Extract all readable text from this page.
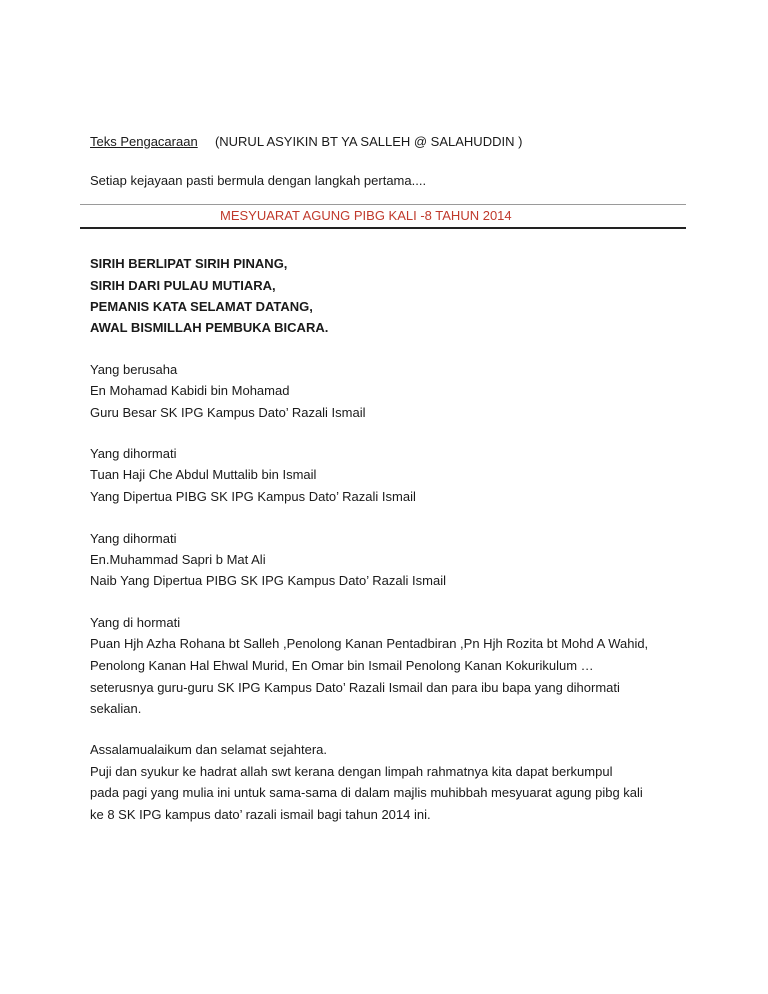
Teks Pengacaraan (NURUL ASYIKIN BT YA SALLEH @ SALAHUDDIN )
Setiap kejayaan pasti bermula dengan langkah pertama....
MESYUARAT AGUNG PIBG KALI -8 TAHUN 2014
SIRIH BERLIPAT SIRIH PINANG,
SIRIH DARI PULAU MUTIARA,
PEMANIS KATA SELAMAT DATANG,
AWAL BISMILLAH PEMBUKA BICARA.
Yang berusaha
En Mohamad Kabidi bin Mohamad
Guru Besar SK IPG Kampus Dato’ Razali Ismail
Yang dihormati
Tuan Haji Che Abdul Muttalib bin Ismail
Yang Dipertua PIBG SK IPG Kampus Dato’ Razali Ismail
Yang dihormati
En.Muhammad Sapri b Mat Ali
Naib Yang Dipertua PIBG SK IPG Kampus Dato’ Razali Ismail
Yang di hormati
Puan Hjh Azha Rohana bt Salleh ,Penolong Kanan Pentadbiran ,Pn Hjh Rozita bt Mohd A Wahid,
Penolong Kanan Hal Ehwal Murid, En Omar bin Ismail Penolong Kanan Kokurikulum …
seterusnya guru-guru SK IPG Kampus Dato’ Razali Ismail dan para ibu bapa yang dihormati
sekalian.
Assalamualaikum dan selamat sejahtera.
Puji dan syukur ke hadrat allah swt kerana dengan limpah rahmatnya kita dapat berkumpul
pada pagi yang mulia ini untuk sama-sama di dalam majlis muhibbah mesyuarat agung pibg kali
ke 8 SK IPG kampus dato’ razali ismail bagi tahun 2014 ini.
